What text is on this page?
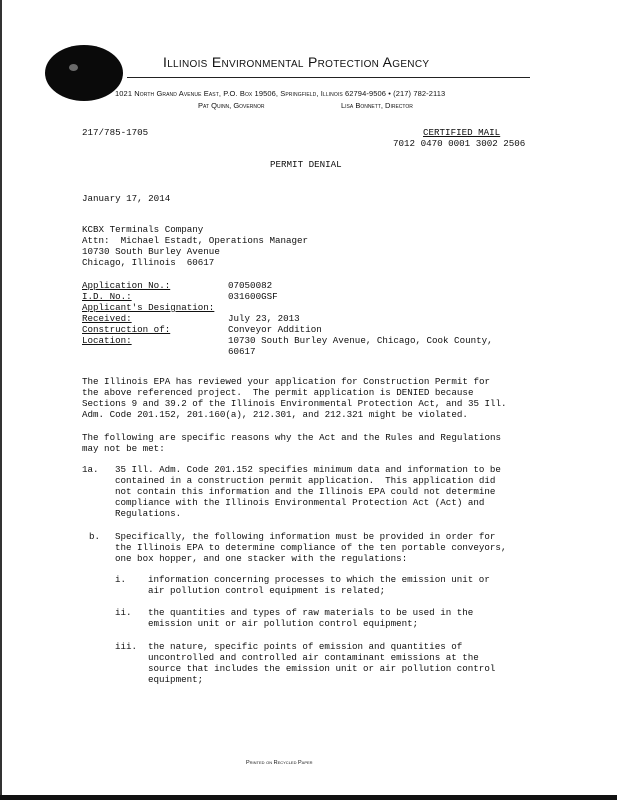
Illinois Environmental Protection Agency
1021 North Grand Avenue East, P.O. Box 19506, Springfield, Illinois 62794-9506 • (217) 782-2113
Pat Quinn, Governor	Lisa Bonnett, Director
217/785-1705	CERTIFIED MAIL
7012 0470 0001 3002 2506
PERMIT DENIAL
January 17, 2014
KCBX Terminals Company
Attn:  Michael Estadt, Operations Manager
10730 South Burley Avenue
Chicago, Illinois  60617
Application No.:
I.D. No.:
Applicant's Designation:
Received:
Construction of:
Location:
07050082
031600GSF
July 23, 2013
Conveyor Addition
10730 South Burley Avenue, Chicago, Cook County,
60617
The Illinois EPA has reviewed your application for Construction Permit for
the above referenced project.  The permit application is DENIED because
Sections 9 and 39.2 of the Illinois Environmental Protection Act, and 35 Ill.
Adm. Code 201.152, 201.160(a), 212.301, and 212.321 might be violated.
The following are specific reasons why the Act and the Rules and Regulations
may not be met:
1a. 35 Ill. Adm. Code 201.152 specifies minimum data and information to be
contained in a construction permit application.  This application did
not contain this information and the Illinois EPA could not determine
compliance with the Illinois Environmental Protection Act (Act) and
Regulations.
b. Specifically, the following information must be provided in order for
the Illinois EPA to determine compliance of the ten portable conveyors,
one box hopper, and one stacker with the regulations:
i. information concerning processes to which the emission unit or
air pollution control equipment is related;
ii. the quantities and types of raw materials to be used in the
emission unit or air pollution control equipment;
iii. the nature, specific points of emission and quantities of
uncontrolled and controlled air contaminant emissions at the
source that includes the emission unit or air pollution control
equipment;
Printed on Recycled Paper
